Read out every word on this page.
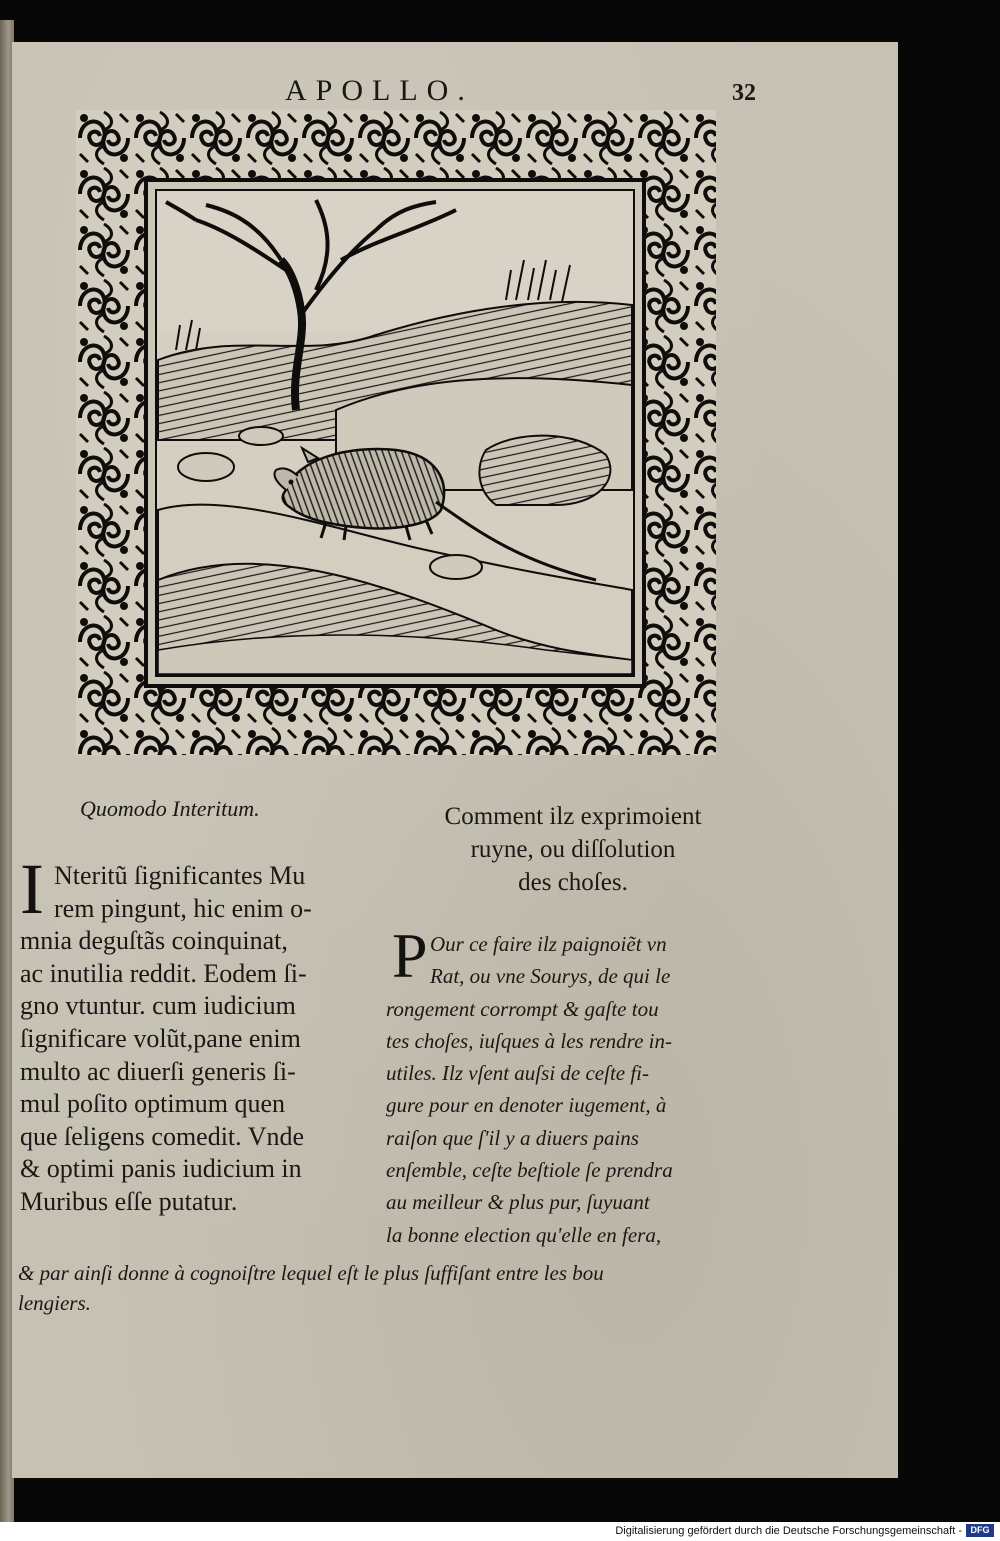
APOLLO.	32
Quomodo Interitum.	Comment ilz exprimoient
ruyne, ou diſſolution
des choſes.
I Nteritũ ſignificantes Mu
rem pingunt, hic enim o-
mnia deguſtãs coinquinat,
ac inutilia reddit. Eodem ſi-
gno vtuntur. cum iudicium
ſignificare volũt,pane enim
multo ac diuerſi generis ſi-
mul poſito optimum quen
que ſeligens comedit. Vnde
& optimi panis iudicium in
Muribus eſſe putatur.
P Our ce faire ilz paignoiẽt vn
Rat, ou vne Sourys, de qui le
rongement corrompt & gaſte tou
tes choſes, iuſques à les rendre in-
utiles. Ilz vſent auſsi de ceſte fi-
gure pour en denoter iugement, à
raiſon que ſ'il y a diuers pains
enſemble, ceſte beſtiole ſe prendra
au meilleur & plus pur, ſuyuant
la bonne election qu'elle en fera,
& par ainſi donne à cognoiſtre lequel eſt le plus ſuffiſant entre les bou
lengiers.
Digitalisierung gefördert durch die Deutsche Forschungsgemeinschaft - DFG
